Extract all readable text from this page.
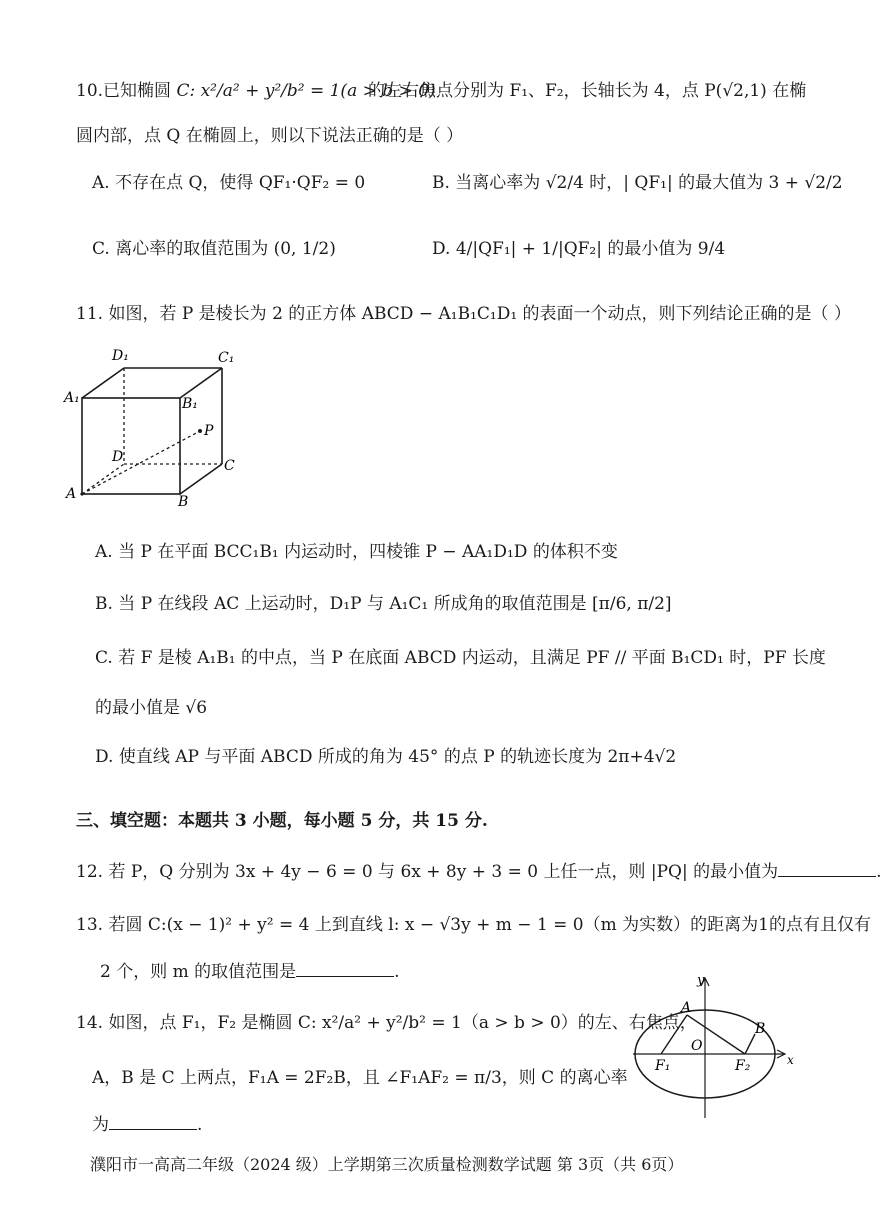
10.已知椭圆 C: x²/a² + y²/b² = 1(a > b > 0)
的左右焦点分别为 F₁、F₂，长轴长为 4，点 P(√2,1) 在椭
圆内部，点 Q 在椭圆上，则以下说法正确的是（ ）
A. 不存在点 Q，使得 QF₁·QF₂ = 0	B. 当离心率为 √2/4 时，| QF₁| 的最大值为 3 + √2/2
C. 离心率的取值范围为 (0, 1/2)	D. 4/|QF₁| + 1/|QF₂| 的最小值为 9/4
11. 如图，若 P 是棱长为 2 的正方体 ABCD − A₁B₁C₁D₁ 的表面一个动点，则下列结论正确的是（ ）
D₁	C₁
A₁	B₁
P
D
C
A	B
A. 当 P 在平面 BCC₁B₁ 内运动时，四棱锥 P − AA₁D₁D 的体积不变
B. 当 P 在线段 AC 上运动时，D₁P 与 A₁C₁ 所成角的取值范围是 [π/6, π/2]
C. 若 F 是棱 A₁B₁ 的中点，当 P 在底面 ABCD 内运动，且满足 PF // 平面 B₁CD₁ 时，PF 长度
的最小值是 √6
D. 使直线 AP 与平面 ABCD 所成的角为 45° 的点 P 的轨迹长度为 2π+4√2
三、填空题：本题共 3 小题，每小题 5 分，共 15 分.
12. 若 P，Q 分别为 3x + 4y − 6 = 0 与 6x + 8y + 3 = 0 上任一点，则 |PQ| 的最小值为	.
13. 若圆 C:(x − 1)² + y² = 4 上到直线 l: x − √3y + m − 1 = 0（m 为实数）的距离为1的点有且仅有
2 个，则 m 的取值范围是	.
14. 如图，点 F₁，F₂ 是椭圆 C: x²/a² + y²/b² = 1（a > b > 0）的左、右焦点，
A，B 是 C 上两点，F₁A = 2F₂B，且 ∠F₁AF₂ = π/3，则 C 的离心率
为	.
y
A
B
O
F₁	F₂	x
濮阳市一高高二年级（2024 级）上学期第三次质量检测数学试题 第 3页（共 6页）
